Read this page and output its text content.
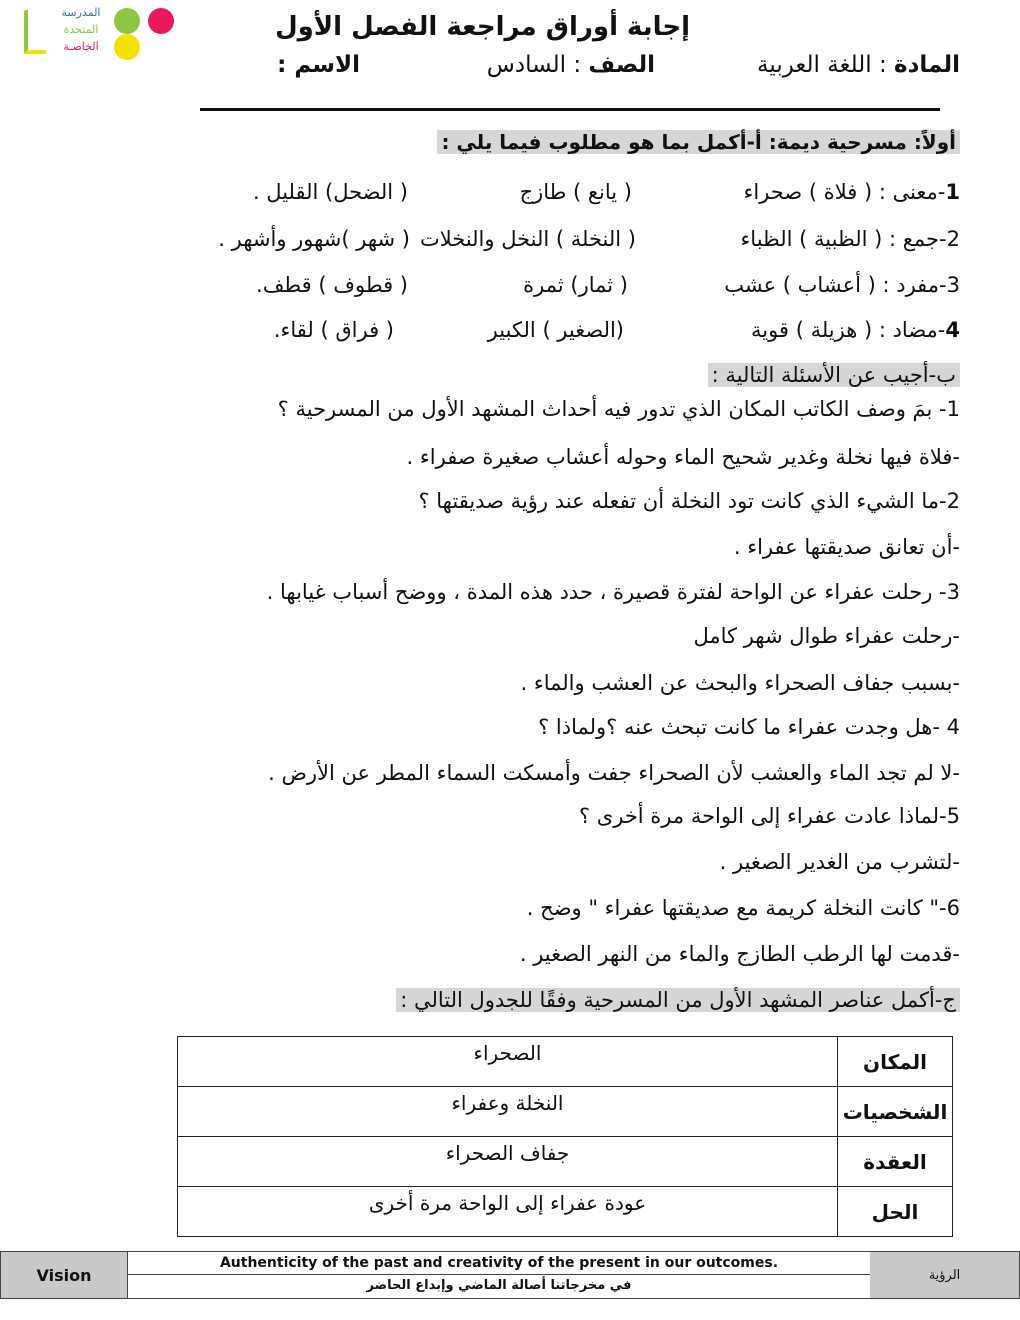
المدرسة
المتحدة
الخاصـة
إجابة أوراق مراجعة الفصل الأول
المادة : اللغة العربية
الصف : السادس
الاسم :
أولاً: مسرحية ديمة: أ-أكمل بما هو مطلوب فيما يلي :
1-معنى : ( فلاة ) صحراء
( يانع ) طازج
( الضحل) القليل .
2-جمع : ( الظبية ) الظباء
( النخلة ) النخل والنخلات
( شهر )شهور وأشهر .
3-مفرد : ( أعشاب ) عشب
( ثمار) ثمرة
( قطوف ) قطف.
4-مضاد : ( هزيلة ) قوية
(الصغير ) الكبير
( فراق ) لقاء.
ب-أجيب عن الأسئلة التالية :
1- بمَ وصف الكاتب المكان الذي تدور فيه أحداث المشهد الأول من المسرحية ؟
-فلاة فيها نخلة وغدير شحيح الماء وحوله أعشاب صغيرة صفراء .
2-ما الشيء الذي كانت تود النخلة أن تفعله عند رؤية صديقتها ؟
-أن تعانق صديقتها عفراء .
3- رحلت عفراء عن الواحة لفترة قصيرة ، حدد هذه المدة ، ووضح أسباب غيابها .
-رحلت عفراء طوال شهر كامل
-بسبب جفاف الصحراء والبحث عن العشب والماء .
4 -هل وجدت عفراء ما كانت تبحث عنه ؟ولماذا ؟
-لا لم تجد الماء والعشب لأن الصحراء جفت وأمسكت السماء المطر عن الأرض .
5-لماذا عادت عفراء إلى الواحة مرة أخرى ؟
-لتشرب من الغدير الصغير .
6-" كانت النخلة كريمة مع صديقتها عفراء " وضح .
-قدمت لها الرطب الطازج والماء من النهر الصغير .
ج-أكمل عناصر المشهد الأول من المسرحية وفقًا للجدول التالي :
الصحراء	المكان
النخلة وعفراء	الشخصيات
جفاف الصحراء	العقدة
عودة عفراء إلى الواحة مرة أخرى	الحل
Vision
Authenticity of the past and creativity of the present in our outcomes.
في مخرجاتنا أصالة الماضي وإبداع الحاضر
الرؤية
